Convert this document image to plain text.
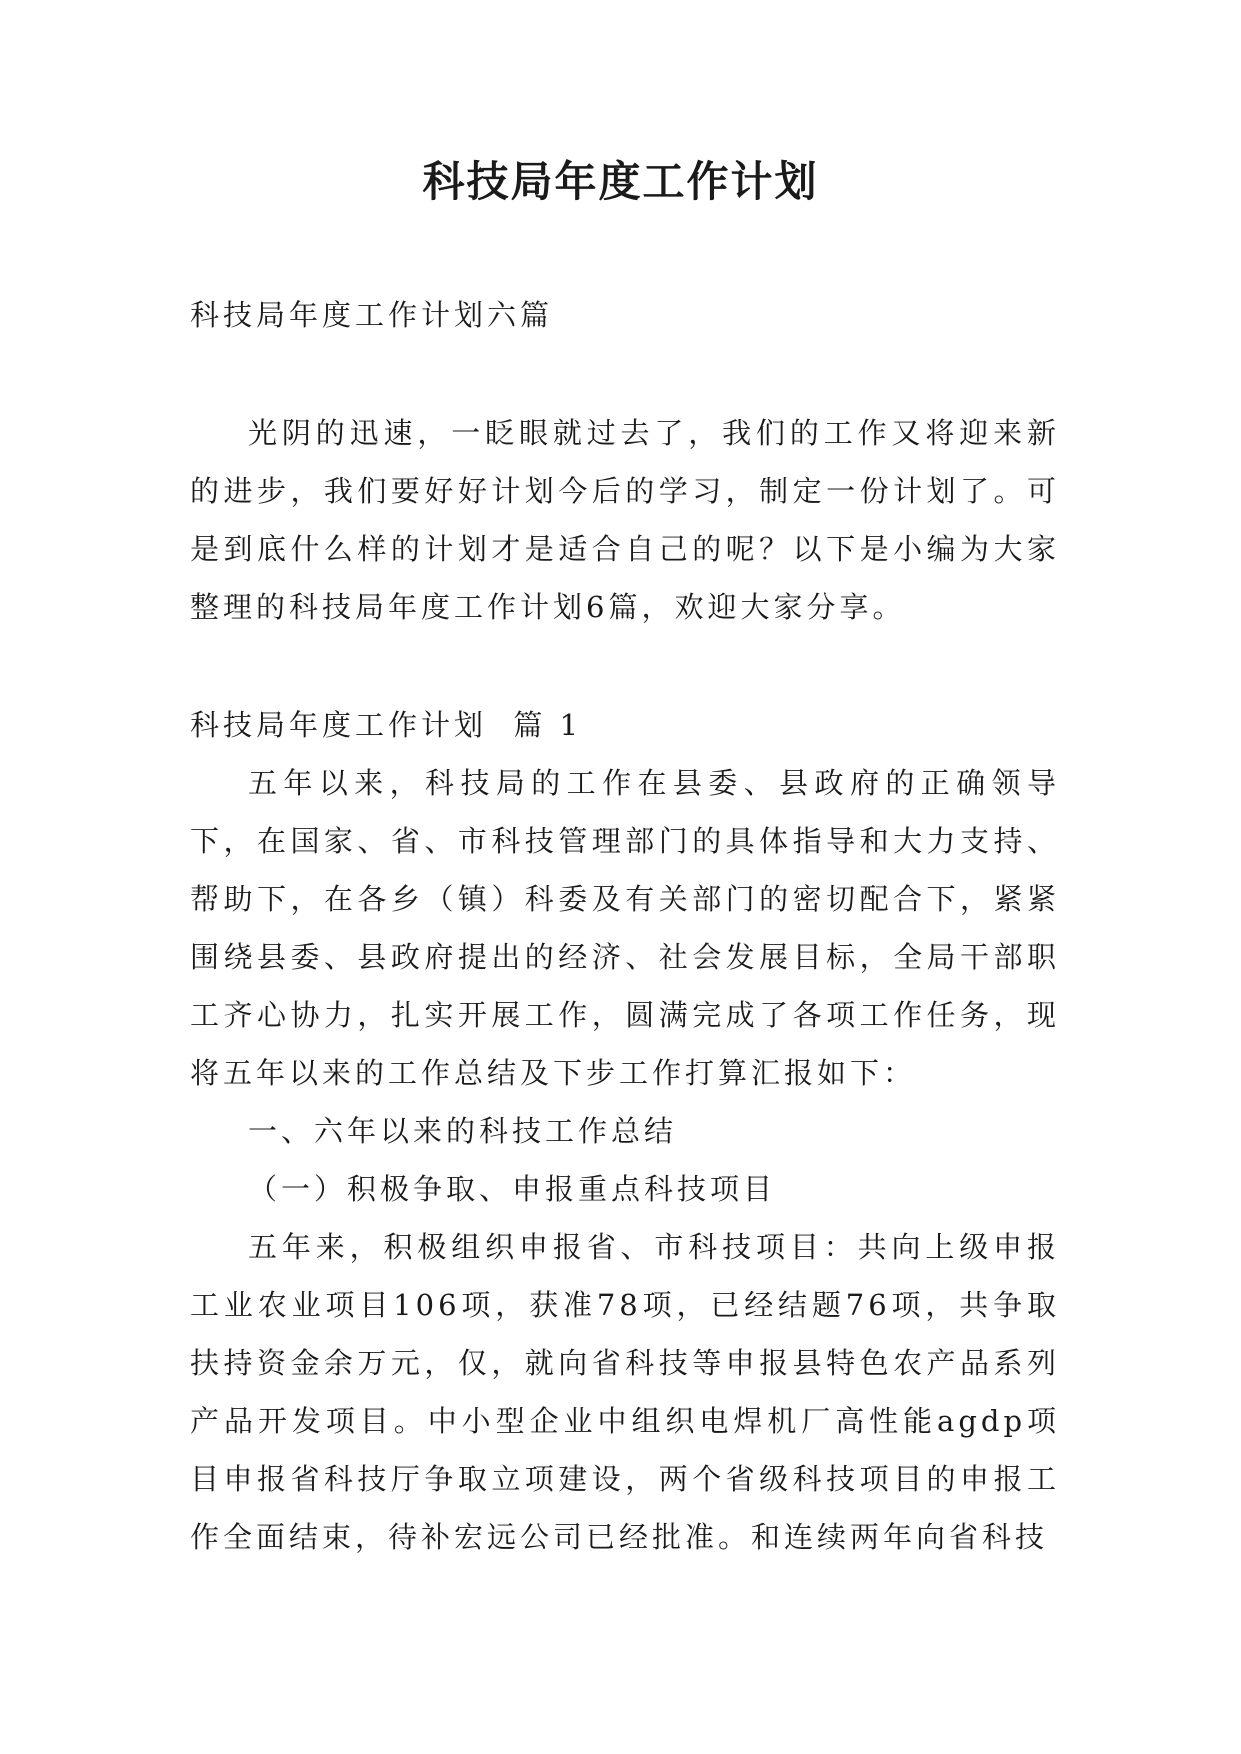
科技局年度工作计划

科技局年度工作计划六篇

光阴的迅速，一眨眼就过去了，我们的工作又将迎来新的进步，我们要好好计划今后的学习，制定一份计划了。可是到底什么样的计划才是适合自己的呢？以下是小编为大家整理的科技局年度工作计划6篇，欢迎大家分享。

科技局年度工作计划  篇 1

五年以来，科技局的工作在县委、县政府的正确领导下，在国家、省、市科技管理部门的具体指导和大力支持、帮助下，在各乡（镇）科委及有关部门的密切配合下，紧紧围绕县委、县政府提出的经济、社会发展目标，全局干部职工齐心协力，扎实开展工作，圆满完成了各项工作任务，现将五年以来的工作总结及下步工作打算汇报如下：

一、六年以来的科技工作总结

（一）积极争取、申报重点科技项目

五年来，积极组织申报省、市科技项目：共向上级申报工业农业项目106项，获准78项，已经结题76项，共争取扶持资金余万元，仅，就向省科技等申报县特色农产品系列产品开发项目。中小型企业中组织电焊机厂高性能agdp项目申报省科技厅争取立项建设，两个省级科技项目的申报工作全面结束，待补宏远公司已经批准。和连续两年向省科技
